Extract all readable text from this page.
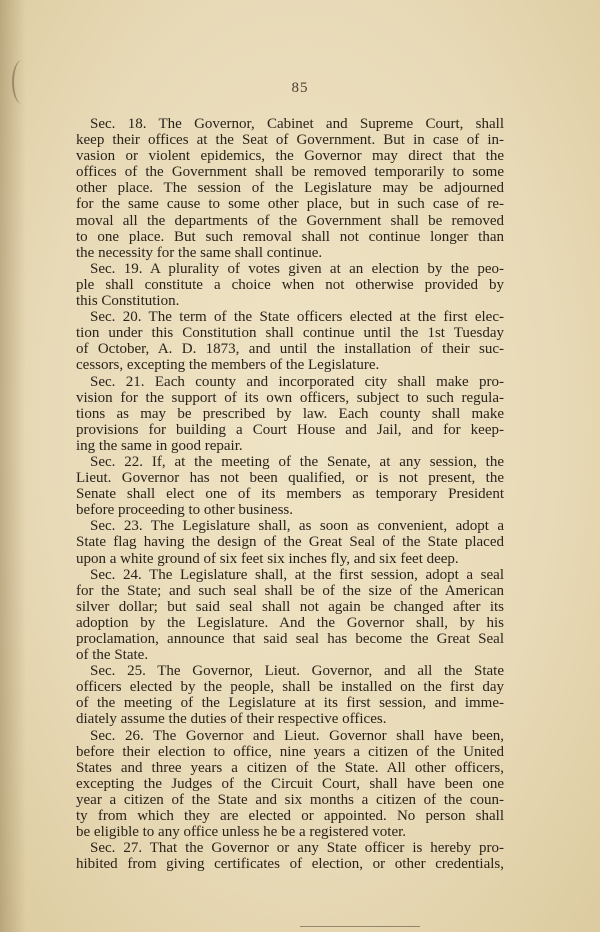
85
Sec. 18. The Governor, Cabinet and Supreme Court, shall
keep their offices at the Seat of Government. But in case of in-
vasion or violent epidemics, the Governor may direct that the
offices of the Government shall be removed temporarily to some
other place. The session of the Legislature may be adjourned
for the same cause to some other place, but in such case of re-
moval all the departments of the Government shall be removed
to one place. But such removal shall not continue longer than
the necessity for the same shall continue.
Sec. 19. A plurality of votes given at an election by the peo-
ple shall constitute a choice when not otherwise provided by
this Constitution.
Sec. 20. The term of the State officers elected at the first elec-
tion under this Constitution shall continue until the 1st Tuesday
of October, A. D. 1873, and until the installation of their suc-
cessors, excepting the members of the Legislature.
Sec. 21. Each county and incorporated city shall make pro-
vision for the support of its own officers, subject to such regula-
tions as may be prescribed by law. Each county shall make
provisions for building a Court House and Jail, and for keep-
ing the same in good repair.
Sec. 22. If, at the meeting of the Senate, at any session, the
Lieut. Governor has not been qualified, or is not present, the
Senate shall elect one of its members as temporary President
before proceeding to other business.
Sec. 23. The Legislature shall, as soon as convenient, adopt a
State flag having the design of the Great Seal of the State placed
upon a white ground of six feet six inches fly, and six feet deep.
Sec. 24. The Legislature shall, at the first session, adopt a seal
for the State; and such seal shall be of the size of the American
silver dollar; but said seal shall not again be changed after its
adoption by the Legislature. And the Governor shall, by his
proclamation, announce that said seal has become the Great Seal
of the State.
Sec. 25. The Governor, Lieut. Governor, and all the State
officers elected by the people, shall be installed on the first day
of the meeting of the Legislature at its first session, and imme-
diately assume the duties of their respective offices.
Sec. 26. The Governor and Lieut. Governor shall have been,
before their election to office, nine years a citizen of the United
States and three years a citizen of the State. All other officers,
excepting the Judges of the Circuit Court, shall have been one
year a citizen of the State and six months a citizen of the coun-
ty from which they are elected or appointed. No person shall
be eligible to any office unless he be a registered voter.
Sec. 27. That the Governor or any State officer is hereby pro-
hibited from giving certificates of election, or other credentials,
